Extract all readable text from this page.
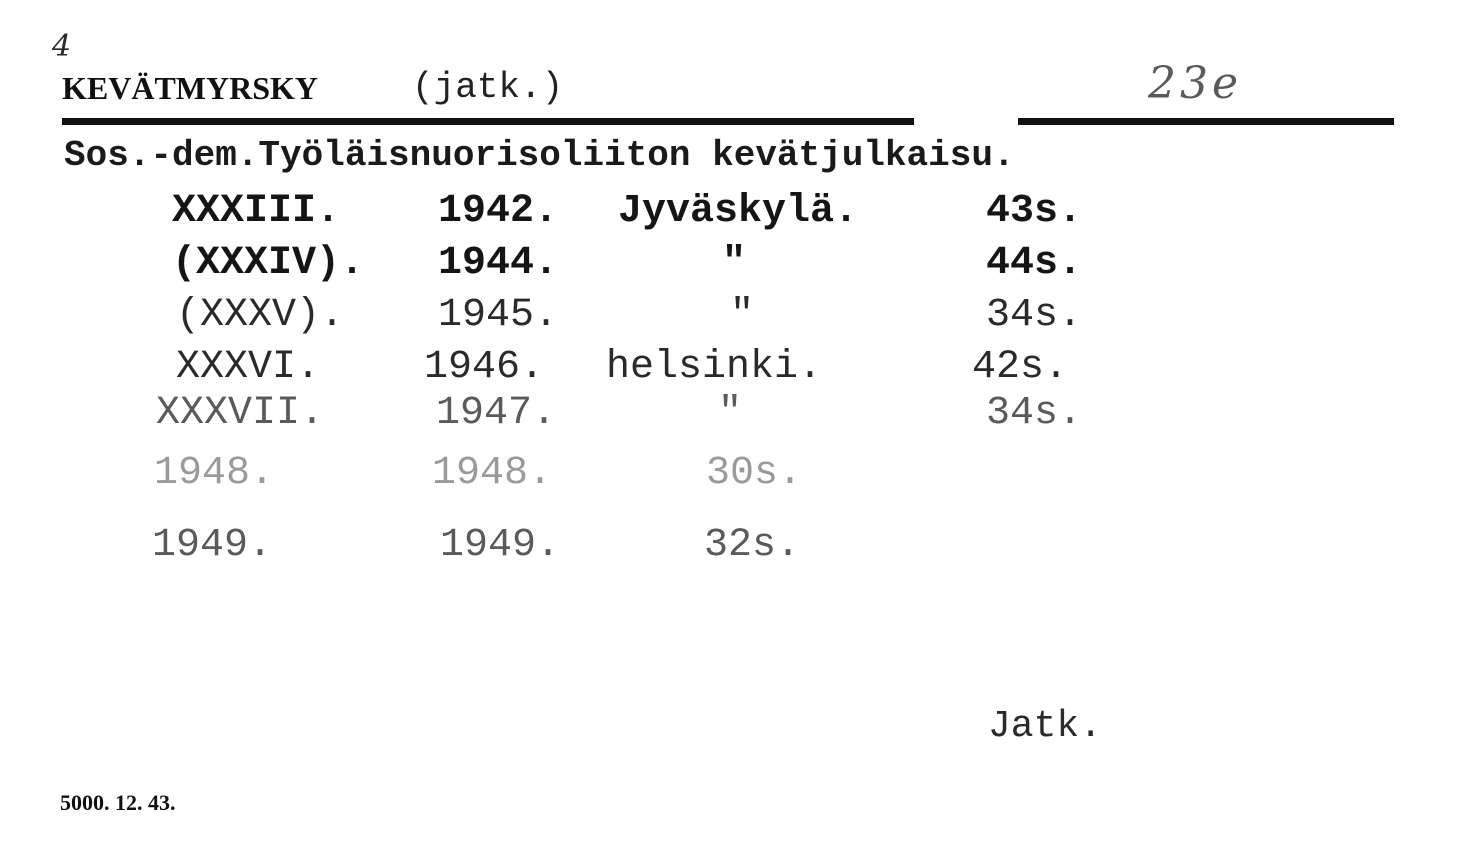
4
KEVÄTMYRSKY	(jatk.)	23e
Sos.-dem.Työläisnuorisoliiton kevätjulkaisu.
XXXIII. 1942. Jyväskylä.	43s.
(XXXIV). 1944.	"	44s.
(XXXV). 1945.	"	34s.
XXXVI.	1946. helsinki.	42s.
XXXVII.	1947.	"	34s.
1948.	1948.	30s.
1949.	1949.	32s.
Jatk.
5000. 12. 43.
